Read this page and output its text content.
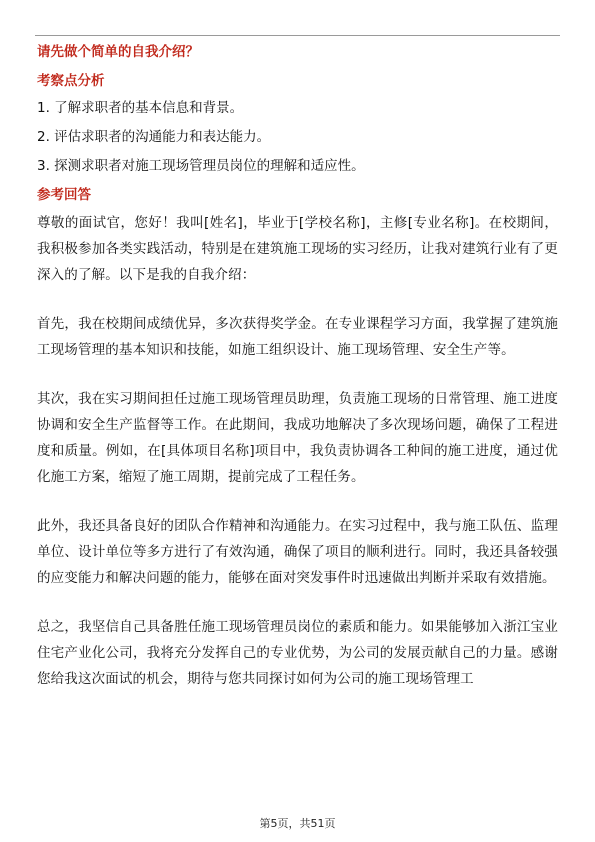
请先做个简单的自我介绍？

考察点分析

1. 了解求职者的基本信息和背景。

2. 评估求职者的沟通能力和表达能力。

3. 探测求职者对施工现场管理员岗位的理解和适应性。

参考回答

尊敬的面试官，您好！我叫[姓名]，毕业于[学校名称]，主修[专业名称]。在校期间，我积极参加各类实践活动，特别是在建筑施工现场的实习经历，让我对建筑行业有了更深入的了解。以下是我的自我介绍：

首先，我在校期间成绩优异，多次获得奖学金。在专业课程学习方面，我掌握了建筑施工现场管理的基本知识和技能，如施工组织设计、施工现场管理、安全生产等。

其次，我在实习期间担任过施工现场管理员助理，负责施工现场的日常管理、施工进度协调和安全生产监督等工作。在此期间，我成功地解决了多次现场问题，确保了工程进度和质量。例如，在[具体项目名称]项目中，我负责协调各工种间的施工进度，通过优化施工方案，缩短了施工周期，提前完成了工程任务。

此外，我还具备良好的团队合作精神和沟通能力。在实习过程中，我与施工队伍、监理单位、设计单位等多方进行了有效沟通，确保了项目的顺利进行。同时，我还具备较强的应变能力和解决问题的能力，能够在面对突发事件时迅速做出判断并采取有效措施。

总之，我坚信自己具备胜任施工现场管理员岗位的素质和能力。如果能够加入浙江宝业住宅产业化公司，我将充分发挥自己的专业优势，为公司的发展贡献自己的力量。感谢您给我这次面试的机会，期待与您共同探讨如何为公司的施工现场管理工

第5页，共51页
